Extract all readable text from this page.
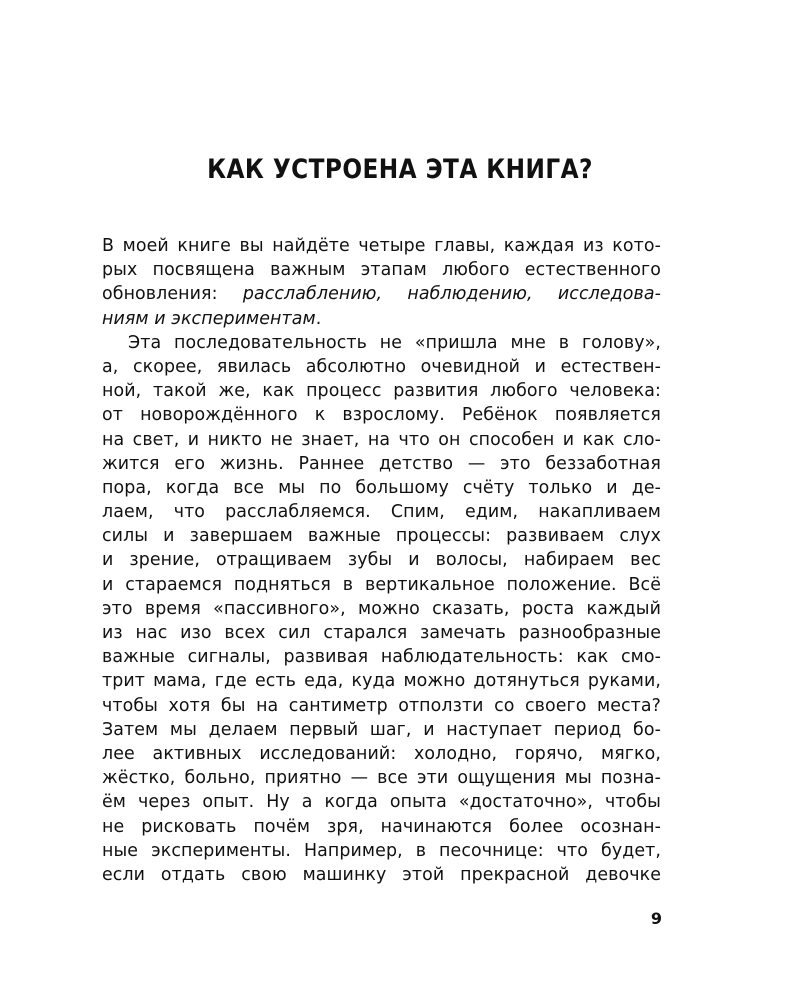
КАК УСТРОЕНА ЭТА КНИГА?
В моей книге вы найдёте четыре главы, каждая из кото-
рых посвящена важным этапам любого естественного
обновления: расслаблению, наблюдению, исследова-
ниям и экспериментам.
Эта последовательность не «пришла мне в голову»,
а, скорее, явилась абсолютно очевидной и естествен-
ной, такой же, как процесс развития любого человека:
от новорождённого к взрослому. Ребёнок появляется
на свет, и никто не знает, на что он способен и как сло-
жится его жизнь. Раннее детство — это беззаботная
пора, когда все мы по большому счёту только и де-
лаем, что расслабляемся. Спим, едим, накапливаем
силы и завершаем важные процессы: развиваем слух
и зрение, отращиваем зубы и волосы, набираем вес
и стараемся подняться в вертикальное положение. Всё
это время «пассивного», можно сказать, роста каждый
из нас изо всех сил старался замечать разнообразные
важные сигналы, развивая наблюдательность: как смо-
трит мама, где есть еда, куда можно дотянуться руками,
чтобы хотя бы на сантиметр отползти со своего места?
Затем мы делаем первый шаг, и наступает период бо-
лее активных исследований: холодно, горячо, мягко,
жёстко, больно, приятно — все эти ощущения мы позна-
ём через опыт. Ну а когда опыта «достаточно», чтобы
не рисковать почём зря, начинаются более осознан-
ные эксперименты. Например, в песочнице: что будет,
если отдать свою машинку этой прекрасной девочке
9
